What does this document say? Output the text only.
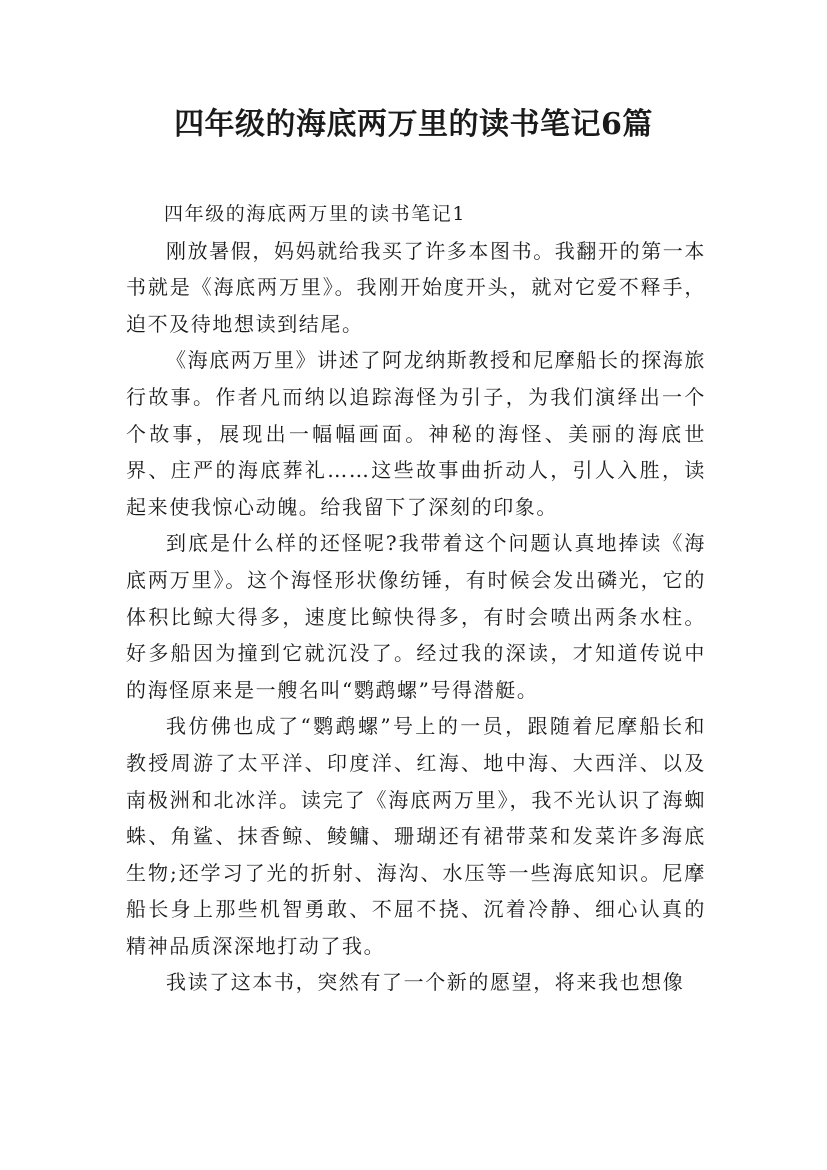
四年级的海底两万里的读书笔记6篇

四年级的海底两万里的读书笔记1

刚放暑假，妈妈就给我买了许多本图书。我翻开的第一本书就是《海底两万里》。我刚开始度开头，就对它爱不释手，迫不及待地想读到结尾。

《海底两万里》讲述了阿龙纳斯教授和尼摩船长的探海旅行故事。作者凡而纳以追踪海怪为引子，为我们演绎出一个个故事，展现出一幅幅画面。神秘的海怪、美丽的海底世界、庄严的海底葬礼……这些故事曲折动人，引人入胜，读起来使我惊心动魄。给我留下了深刻的印象。

到底是什么样的还怪呢?我带着这个问题认真地捧读《海底两万里》。这个海怪形状像纺锤，有时候会发出磷光，它的体积比鲸大得多，速度比鲸快得多，有时会喷出两条水柱。好多船因为撞到它就沉没了。经过我的深读，才知道传说中的海怪原来是一艘名叫“鹦鹉螺”号得潜艇。

我仿佛也成了“鹦鹉螺”号上的一员，跟随着尼摩船长和教授周游了太平洋、印度洋、红海、地中海、大西洋、以及南极洲和北冰洋。读完了《海底两万里》，我不光认识了海蜘蛛、角鲨、抹香鲸、鲮鳙、珊瑚还有裙带菜和发菜许多海底生物;还学习了光的折射、海沟、水压等一些海底知识。尼摩船长身上那些机智勇敢、不屈不挠、沉着冷静、细心认真的精神品质深深地打动了我。

我读了这本书，突然有了一个新的愿望，将来我也想像
